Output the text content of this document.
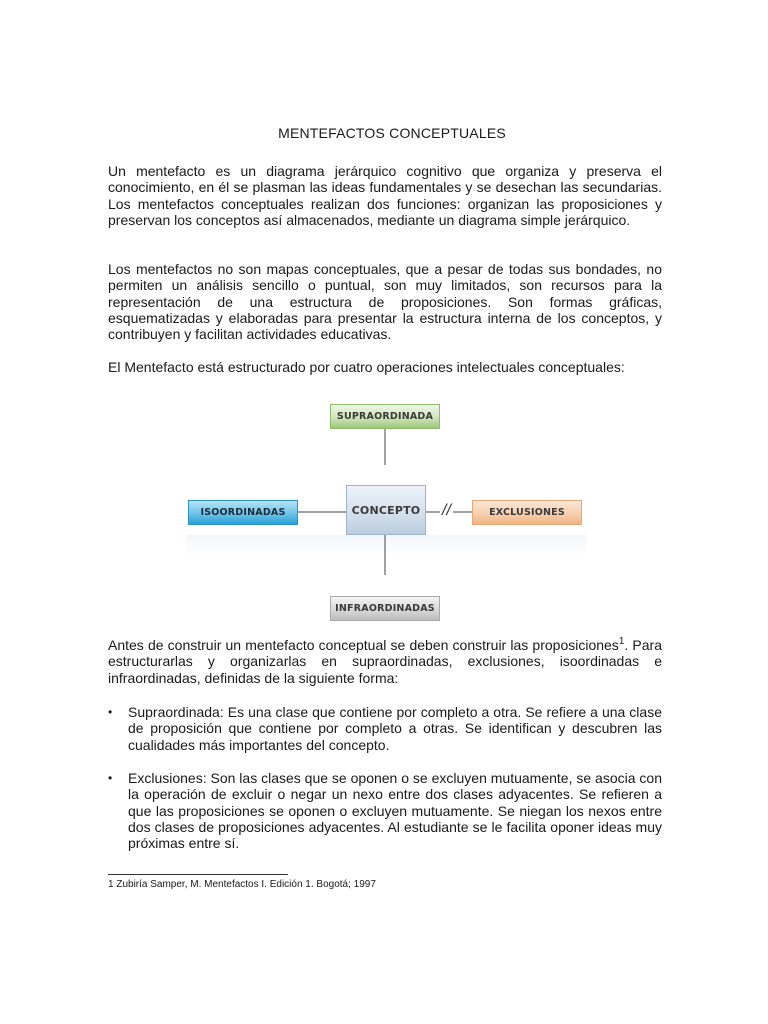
MENTEFACTOS CONCEPTUALES

Un mentefacto es un diagrama jerárquico cognitivo que organiza y preserva el conocimiento, en él se plasman las ideas fundamentales y se desechan las secundarias. Los mentefactos conceptuales realizan dos funciones: organizan las proposiciones y preservan los conceptos así almacenados, mediante un diagrama simple jerárquico.

Los mentefactos no son mapas conceptuales, que a pesar de todas sus bondades, no permiten un análisis sencillo o puntual, son muy limitados, son recursos para la representación de una estructura de proposiciones. Son formas gráficas, esquematizadas y elaboradas para presentar la estructura interna de los conceptos, y contribuyen y facilitan actividades educativas.

El Mentefacto está estructurado por cuatro operaciones intelectuales conceptuales:

SUPRAORDINADA
ISOORDINADAS	CONCEPTO	EXCLUSIONES
INFRAORDINADAS
//

Antes de construir un mentefacto conceptual se deben construir las proposiciones$^1$. Para estructurarlas y organizarlas en supraordinadas, exclusiones, isoordinadas e infraordinadas, definidas de la siguiente forma:

• Supraordinada: Es una clase que contiene por completo a otra. Se refiere a una clase de proposición que contiene por completo a otras. Se identifican y descubren las cualidades más importantes del concepto.
• Exclusiones: Son las clases que se oponen o se excluyen mutuamente, se asocia con la operación de excluir o negar un nexo entre dos clases adyacentes. Se refieren a que las proposiciones se oponen o excluyen mutuamente. Se niegan los nexos entre dos clases de proposiciones adyacentes. Al estudiante se le facilita oponer ideas muy próximas entre sí.
1 Zubiría Samper, M. Mentefactos I. Edición 1. Bogotá; 1997
